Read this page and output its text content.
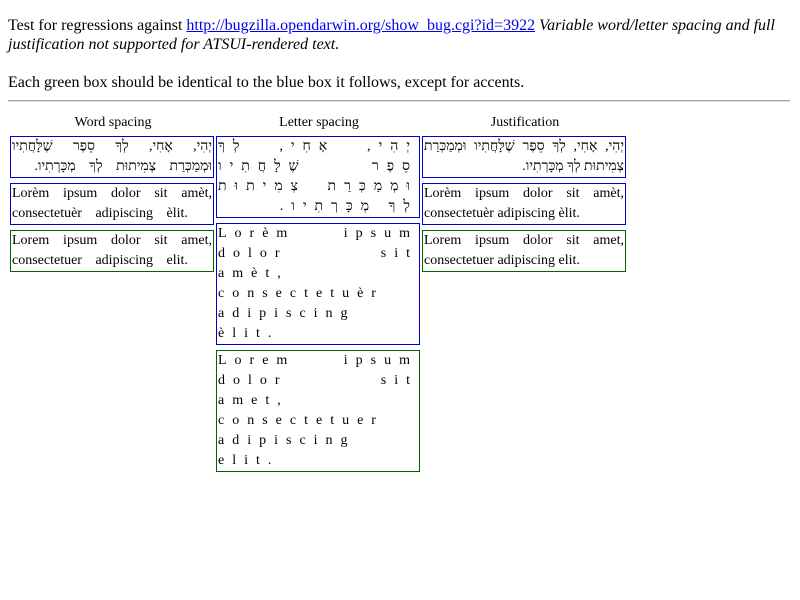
Test for regressions against http://bugzilla.opendarwin.org/show_bug.cgi?id=3922 Variable word/letter spacing and full justification not supported for ATSUI-rendered text.

Each green box should be identical to the blue box it follows, except for accents.

Word spacing
יְהִי, אָחִי, לְךָ סֵפֶר שֶׁלָּחֲתִיו וּמְמַכְּרַת צְמִיתוּת לְךָ מְכָּרְתִיו.
Lorèm ipsum dolor sit amèt, consectetuèr adipiscing èlit.
Lorem ipsum dolor sit amet, consectetuer adipiscing elit.
Letter spacing
יְהִי, אָחִי, לְךָ סֵפֶר שֶׁלָּחֲתִיו וּמְמַכְּרַת צְמִיתוּת לְךָ מְכָּרְתִיו.
Lorèm ipsum dolor sit amèt, consectetuèr adipiscing èlit.
Lorem ipsum dolor sit amet, consectetuer adipiscing elit.
Justification
יְהִי, אָחִי, לְךָ סֵפֶר שֶׁלָּחֲתִיו וּמְמַכְּרַת צְמִיתוּת לְךָ מְכָּרְתִיו.
Lorèm ipsum dolor sit amèt, consectetuèr adipiscing èlit.
Lorem ipsum dolor sit amet, consectetuer adipiscing elit.
